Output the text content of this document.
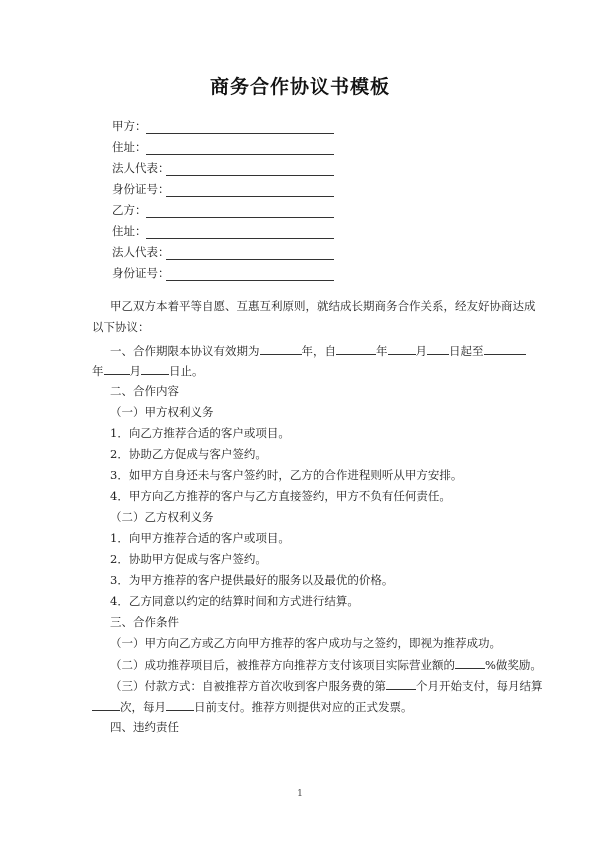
商务合作协议书模板
甲方：
住址：
法人代表：
身份证号：
乙方：
住址：
法人代表：
身份证号：
甲乙双方本着平等自愿、互惠互利原则，就结成长期商务合作关系，经友好协商达成
以下协议：
一、合作期限本协议有效期为	年，自	年 月 日起至
年 月 日止。
二、合作内容
（一）甲方权利义务
1．向乙方推荐合适的客户或项目。
2．协助乙方促成与客户签约。
3．如甲方自身还未与客户签约时，乙方的合作进程则听从甲方安排。
4．甲方向乙方推荐的客户与乙方直接签约，甲方不负有任何责任。
（二）乙方权利义务
1．向甲方推荐合适的客户或项目。
2．协助甲方促成与客户签约。
3．为甲方推荐的客户提供最好的服务以及最优的价格。
4．乙方同意以约定的结算时间和方式进行结算。
三、合作条件
（一）甲方向乙方或乙方向甲方推荐的客户成功与之签约，即视为推荐成功。
（二）成功推荐项目后，被推荐方向推荐方支付该项目实际营业额的	%做奖励。
（三）付款方式：自被推荐方首次收到客户服务费的第	个月开始支付，每月结算
次，每月 日前支付。推荐方则提供对应的正式发票。
四、违约责任
1
